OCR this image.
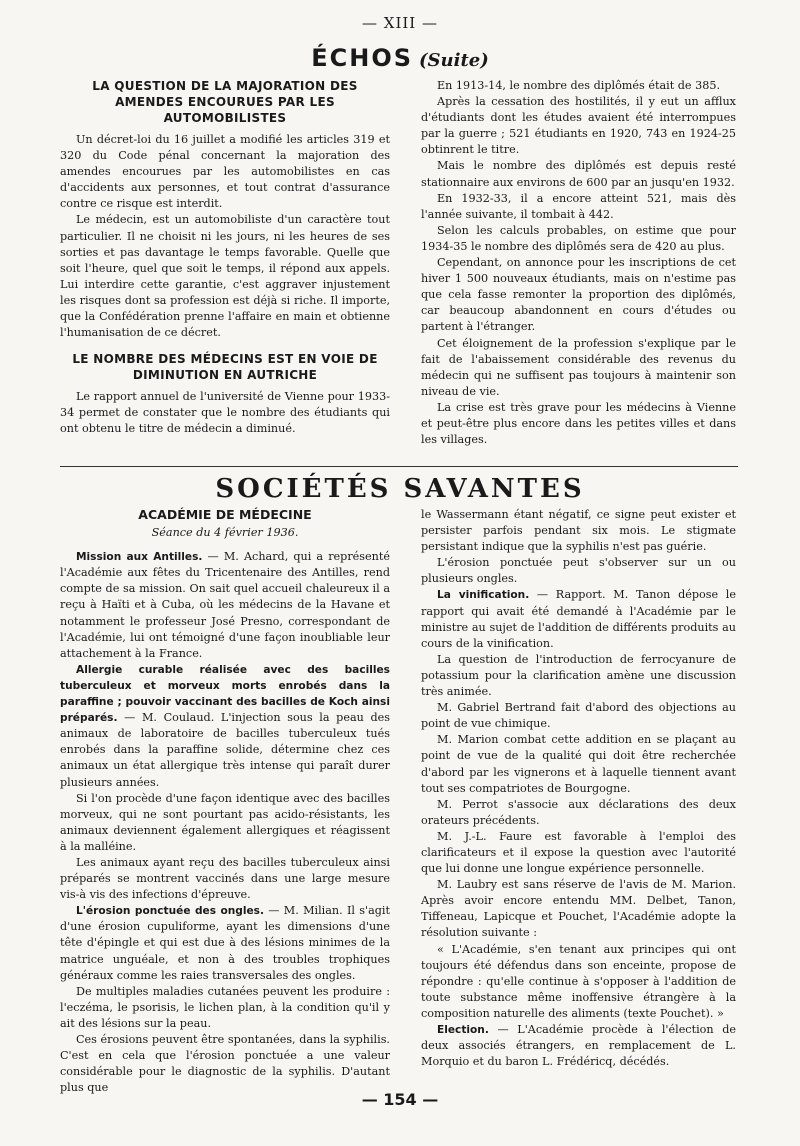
— XIII —
ÉCHOS (Suite)
LA QUESTION DE LA MAJORATION DES AMENDES ENCOURUES PAR LES AUTOMOBILISTES

Un décret-loi du 16 juillet a modifié les articles 319 et 320 du Code pénal concernant la majoration des amendes encourues par les automobilistes en cas d'accidents aux personnes, et tout contrat d'assurance contre ce risque est interdit.

Le médecin, est un automobiliste d'un caractère tout particulier. Il ne choisit ni les jours, ni les heures de ses sorties et pas davantage le temps favorable. Quelle que soit l'heure, quel que soit le temps, il répond aux appels. Lui interdire cette garantie, c'est aggraver injustement les risques dont sa profession est déjà si riche. Il importe, que la Confédération prenne l'affaire en main et obtienne l'humanisation de ce décret.

LE NOMBRE DES MÉDECINS EST EN VOIE DE DIMINUTION EN AUTRICHE

Le rapport annuel de l'université de Vienne pour 1933-34 permet de constater que le nombre des étudiants qui ont obtenu le titre de médecin a diminué.

En 1913-14, le nombre des diplômés était de 385.

Après la cessation des hostilités, il y eut un afflux d'étudiants dont les études avaient été interrompues par la guerre ; 521 étudiants en 1920, 743 en 1924-25 obtinrent le titre.

Mais le nombre des diplômés est depuis resté stationnaire aux environs de 600 par an jusqu'en 1932.

En 1932-33, il a encore atteint 521, mais dès l'année suivante, il tombait à 442.

Selon les calculs probables, on estime que pour 1934-35 le nombre des diplômés sera de 420 au plus.

Cependant, on annonce pour les inscriptions de cet hiver 1 500 nouveaux étudiants, mais on n'estime pas que cela fasse remonter la proportion des diplômés, car beaucoup abandonnent en cours d'études ou partent à l'étranger.

Cet éloignement de la profession s'explique par le fait de l'abaissement considérable des revenus du médecin qui ne suffisent pas toujours à maintenir son niveau de vie.

La crise est très grave pour les médecins à Vienne et peut-être plus encore dans les petites villes et dans les villages.

SOCIÉTÉS SAVANTES
ACADÉMIE DE MÉDECINE
Séance du 4 février 1936.

Mission aux Antilles. — M. Achard, qui a représenté l'Académie aux fêtes du Tricentenaire des Antilles, rend compte de sa mission. On sait quel accueil chaleureux il a reçu à Haïti et à Cuba, où les médecins de la Havane et notamment le professeur José Presno, correspondant de l'Académie, lui ont témoigné d'une façon inoubliable leur attachement à la France.

Allergie curable réalisée avec des bacilles tuberculeux et morveux morts enrobés dans la paraffine ; pouvoir vaccinant des bacilles de Koch ainsi préparés. — M. Coulaud. L'injection sous la peau des animaux de laboratoire de bacilles tuberculeux tués enrobés dans la paraffine solide, détermine chez ces animaux un état allergique très intense qui paraît durer plusieurs années.

Si l'on procède d'une façon identique avec des bacilles morveux, qui ne sont pourtant pas acido-résistants, les animaux deviennent également allergiques et réagissent à la malléine.

Les animaux ayant reçu des bacilles tuberculeux ainsi préparés se montrent vaccinés dans une large mesure vis-à vis des infections d'épreuve.

L'érosion ponctuée des ongles. — M. Milian. Il s'agit d'une érosion cupuliforme, ayant les dimensions d'une tête d'épingle et qui est due à des lésions minimes de la matrice unguéale, et non à des troubles trophiques généraux comme les raies transversales des ongles.

De multiples maladies cutanées peuvent les produire : l'eczéma, le psorisis, le lichen plan, à la condition qu'il y ait des lésions sur la peau.

Ces érosions peuvent être spontanées, dans la syphilis. C'est en cela que l'érosion ponctuée a une valeur considérable pour le diagnostic de la syphilis. D'autant plus que

le Wassermann étant négatif, ce signe peut exister et persister parfois pendant six mois. Le stigmate persistant indique que la syphilis n'est pas guérie.

L'érosion ponctuée peut s'observer sur un ou plusieurs ongles.

La vinification. — Rapport. M. Tanon dépose le rapport qui avait été demandé à l'Académie par le ministre au sujet de l'addition de différents produits au cours de la vinification.

La question de l'introduction de ferrocyanure de potassium pour la clarification amène une discussion très animée.

M. Gabriel Bertrand fait d'abord des objections au point de vue chimique.

M. Marion combat cette addition en se plaçant au point de vue de la qualité qui doit être recherchée d'abord par les vignerons et à laquelle tiennent avant tout ses compatriotes de Bourgogne.

M. Perrot s'associe aux déclarations des deux orateurs précédents.

M. J.-L. Faure est favorable à l'emploi des clarificateurs et il expose la question avec l'autorité que lui donne une longue expérience personnelle.

M. Laubry est sans réserve de l'avis de M. Marion. Après avoir encore entendu MM. Delbet, Tanon, Tiffeneau, Lapicque et Pouchet, l'Académie adopte la résolution suivante :

« L'Académie, s'en tenant aux principes qui ont toujours été défendus dans son enceinte, propose de répondre : qu'elle continue à s'opposer à l'addition de toute substance même inoffensive étrangère à la composition naturelle des aliments (texte Pouchet). »

Election. — L'Académie procède à l'élection de deux associés étrangers, en remplacement de L. Morquio et du baron L. Frédéricq, décédés.

— 154 —
